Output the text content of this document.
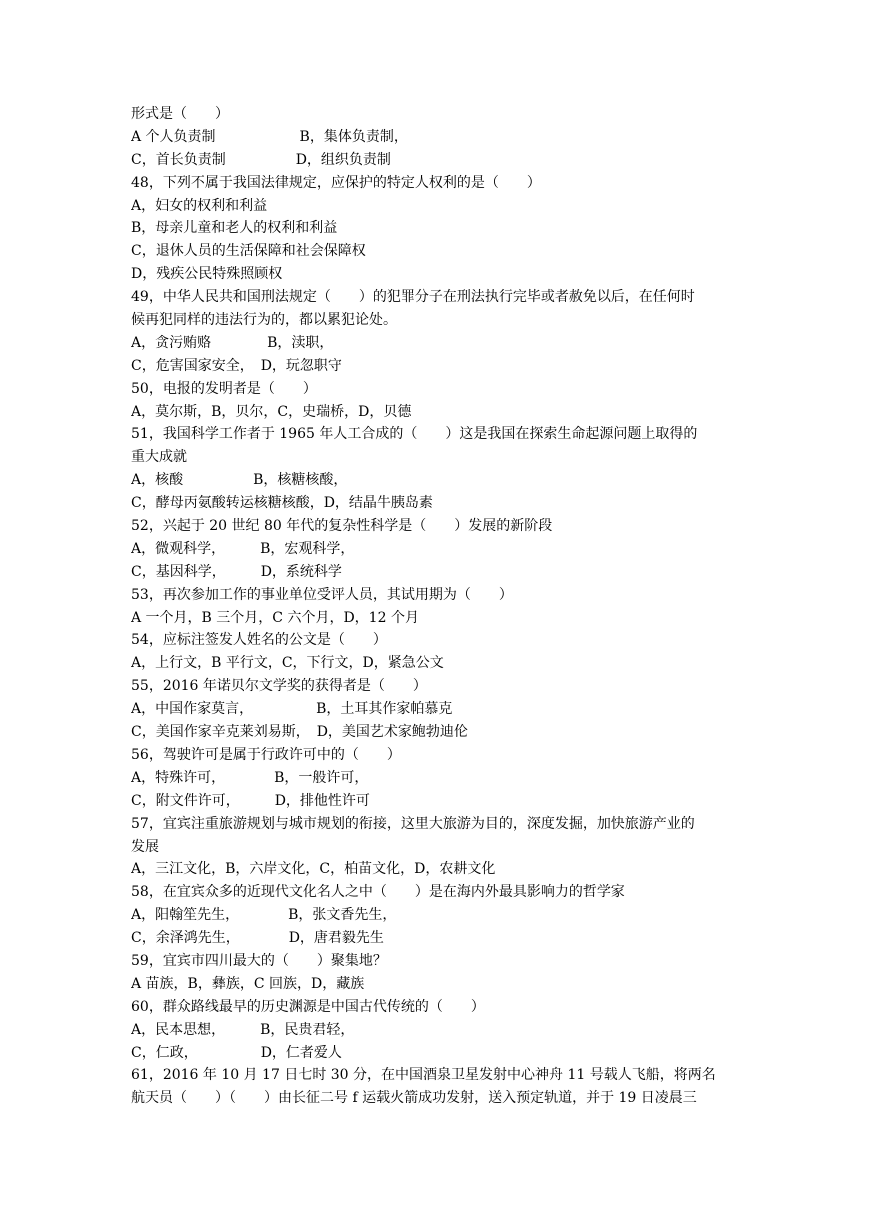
形式是（　　）
A 个人负责制　　　　　　B，集体负责制，
C，首长负责制　　　　　D，组织负责制
48，下列不属于我国法律规定，应保护的特定人权利的是（　　）
A，妇女的权利和利益
B，母亲儿童和老人的权利和利益
C，退休人员的生活保障和社会保障权
D，残疾公民特殊照顾权
49，中华人民共和国刑法规定（　　）的犯罪分子在刑法执行完毕或者赦免以后，在任何时
候再犯同样的违法行为的，都以累犯论处。
A，贪污贿赂　　　　B，渎职，
C，危害国家安全，　D，玩忽职守
50，电报的发明者是（　　）
A，莫尔斯，B，贝尔，C，史瑞桥，D，贝德
51，我国科学工作者于 1965 年人工合成的（　　）这是我国在探索生命起源问题上取得的
重大成就
A，核酸　　　　　B，核糖核酸，
C，酵母丙氨酸转运核糖核酸，D，结晶牛胰岛素
52，兴起于 20 世纪 80 年代的复杂性科学是（　　）发展的新阶段
A，微观科学，　　　B，宏观科学，
C，基因科学，　　　D，系统科学
53，再次参加工作的事业单位受评人员，其试用期为（　　）
A 一个月，B 三个月，C 六个月，D，12 个月
54，应标注签发人姓名的公文是（　　）
A，上行文，B 平行文，C，下行文，D，紧急公文
55，2016 年诺贝尔文学奖的获得者是（　　）
A，中国作家莫言，　　　　　B，土耳其作家帕慕克
C，美国作家辛克莱刘易斯，　D，美国艺术家鲍勃迪伦
56，驾驶许可是属于行政许可中的（　　）
A，特殊许可，　　　　B，一般许可，
C，附文件许可，　　　D，排他性许可
57，宜宾注重旅游规划与城市规划的衔接，这里大旅游为目的，深度发掘，加快旅游产业的
发展
A，三江文化，B，六岸文化，C，柏苗文化，D，农耕文化
58，在宜宾众多的近现代文化名人之中（　　）是在海内外最具影响力的哲学家
A，阳翰笙先生，　　　　B，张文香先生，
C，余泽鸿先生，　　　　D，唐君毅先生
59，宜宾市四川最大的（　　）聚集地？
A 苗族，B，彝族，C 回族，D，藏族
60，群众路线最早的历史渊源是中国古代传统的（　　）
A，民本思想，　　　B，民贵君轻，
C，仁政，　　　　　D，仁者爱人
61，2016 年 10 月 17 日七时 30 分，在中国酒泉卫星发射中心神舟 11 号载人飞船，将两名
航天员（　　）（　　）由长征二号 f 运载火箭成功发射，送入预定轨道，并于 19 日凌晨三
